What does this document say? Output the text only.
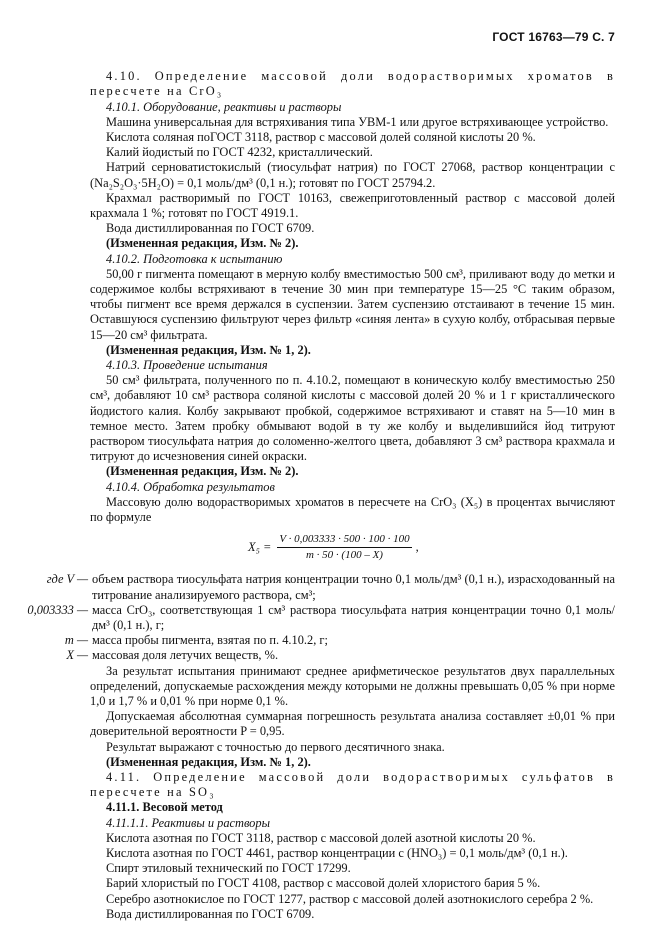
ГОСТ 16763—79 С. 7

4.10. Определение массовой доли водорастворимых хроматов в пересчете на CrO₃

4.10.1. Оборудование, реактивы и растворы

Машина универсальная для встряхивания типа УВМ-1 или другое встряхивающее устройство.

Кислота соляная поГОСТ 3118, раствор с массовой долей соляной кислоты 20 %.

Калий йодистый по ГОСТ 4232, кристаллический.

Натрий серноватистокислый (тиосульфат натрия) по ГОСТ 27068, раствор концентрации c (Na₂S₂O₃·5H₂O) = 0,1 моль/дм³ (0,1 н.); готовят по ГОСТ 25794.2.

Крахмал растворимый по ГОСТ 10163, свежеприготовленный раствор с массовой долей крахмала 1 %; готовят по ГОСТ 4919.1.

Вода дистиллированная по ГОСТ 6709.

(Измененная редакция, Изм. № 2).

4.10.2. Подготовка к испытанию

50,00 г пигмента помещают в мерную колбу вместимостью 500 см³, приливают воду до метки и содержимое колбы встряхивают в течение 30 мин при температуре 15—25 °С таким образом, чтобы пигмент все время держался в суспензии. Затем суспензию отстаивают в течение 15 мин. Оставшуюся суспензию фильтруют через фильтр «синяя лента» в сухую колбу, отбрасывая первые 15—20 см³ фильтрата.

(Измененная редакция, Изм. № 1, 2).

4.10.3. Проведение испытания

50 см³ фильтрата, полученного по п. 4.10.2, помещают в коническую колбу вместимостью 250 см³, добавляют 10 см³ раствора соляной кислоты с массовой долей 20 % и 1 г кристаллического йодистого калия. Колбу закрывают пробкой, содержимое встряхивают и ставят на 5—10 мин в темное место. Затем пробку обмывают водой в ту же колбу и выделившийся йод титруют раствором тиосульфата натрия до соломенно-желтого цвета, добавляют 3 см³ раствора крахмала и титруют до исчезновения синей окраски.

(Измененная редакция, Изм. № 2).

4.10.4. Обработка результатов

Массовую долю водорастворимых хроматов в пересчете на CrO₃ (X₅) в процентах вычисляют по формуле

$X_5 = \frac{V \cdot 0,003333 \cdot 500 \cdot 100 \cdot 100}{m \cdot 50 \cdot (100 - X)}$ ,
где V — объем раствора тиосульфата натрия концентрации точно 0,1 моль/дм³ (0,1 н.), израсходованный на титрование анализируемого раствора, см³;
0,003333 — масса CrO₃, соответствующая 1 см³ раствора тиосульфата натрия концентрации точно 0,1 моль/дм³ (0,1 н.), г;
m — масса пробы пигмента, взятая по п. 4.10.2, г;
X — массовая доля летучих веществ, %.

За результат испытания принимают среднее арифметическое результатов двух параллельных определений, допускаемые расхождения между которыми не должны превышать 0,05 % при норме 1,0 и 1,7 % и 0,01 % при норме 0,1 %.

Допускаемая абсолютная суммарная погрешность результата анализа составляет ±0,01 % при доверительной вероятности P = 0,95.

Результат выражают с точностью до первого десятичного знака.

(Измененная редакция, Изм. № 1, 2).

4.11. Определение массовой доли водорастворимых сульфатов в пересчете на SO₃

4.11.1. Весовой метод

4.11.1.1. Реактивы и растворы

Кислота азотная по ГОСТ 3118, раствор с массовой долей азотной кислоты 20 %.

Кислота азотная по ГОСТ 4461, раствор концентрации c (HNO₃) = 0,1 моль/дм³ (0,1 н.).

Спирт этиловый технический по ГОСТ 17299.

Барий хлористый по ГОСТ 4108, раствор с массовой долей хлористого бария 5 %.

Серебро азотнокислое по ГОСТ 1277, раствор с массовой долей азотнокислого серебра 2 %.

Вода дистиллированная по ГОСТ 6709.
